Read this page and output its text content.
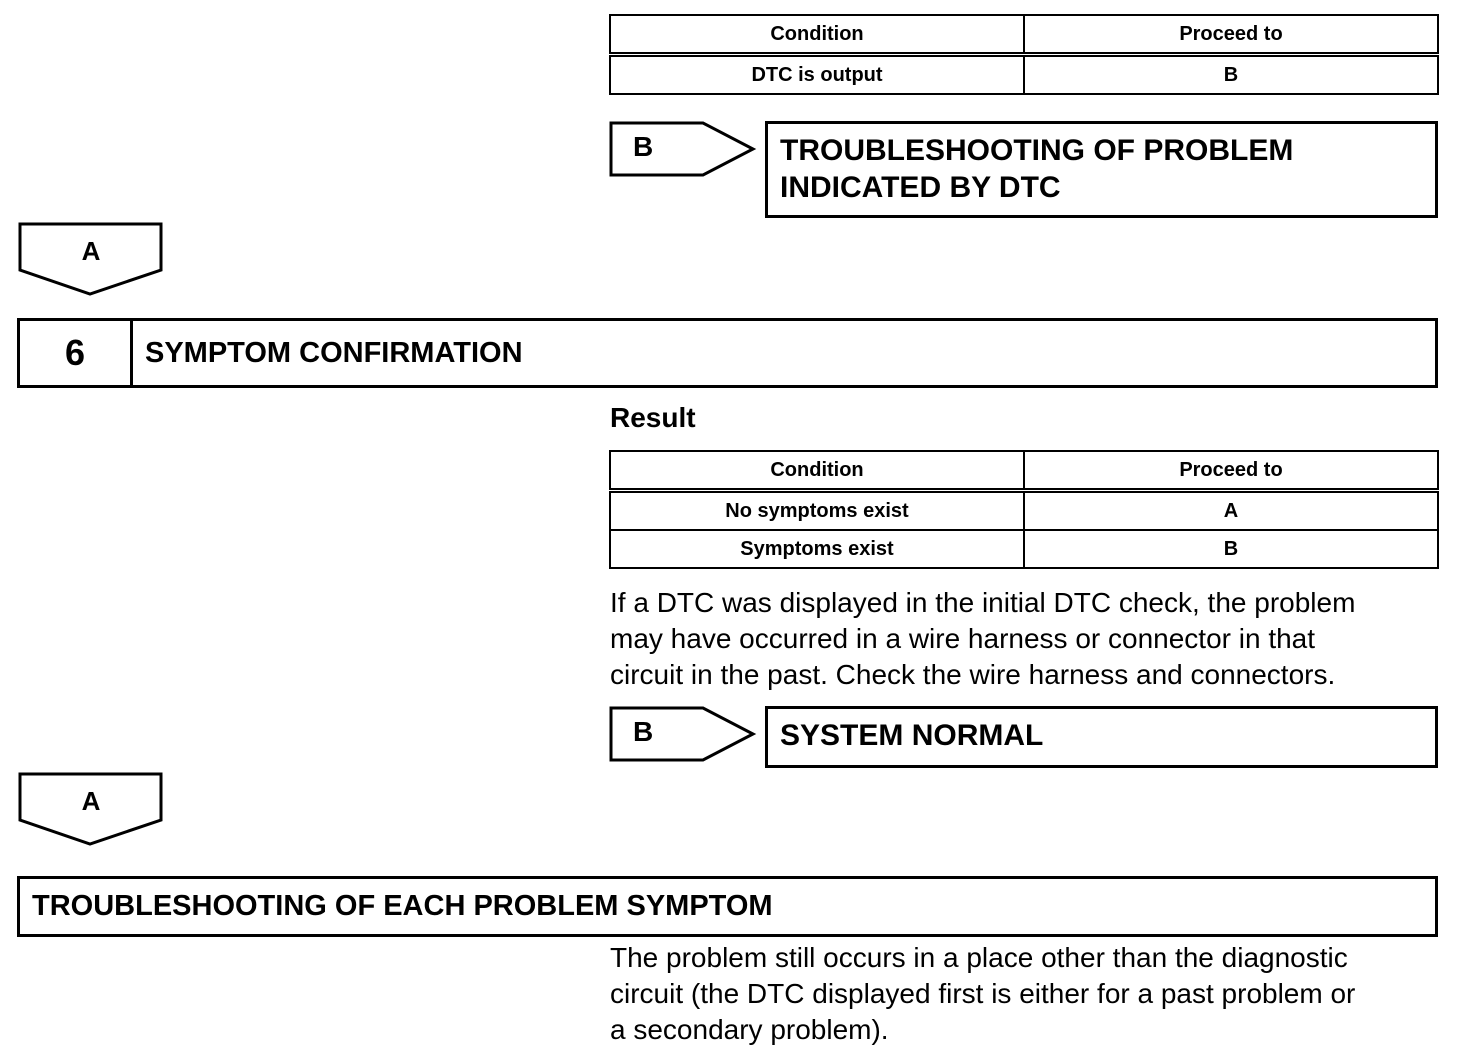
Condition	Proceed to
DTC is output	B
B	TROUBLESHOOTING OF PROBLEM
INDICATED BY DTC
A
6	SYMPTOM CONFIRMATION
Result
Condition	Proceed to
No symptoms exist	A
Symptoms exist	B
If a DTC was displayed in the initial DTC check, the problem
may have occurred in a wire harness or connector in that
circuit in the past. Check the wire harness and connectors.
B	SYSTEM NORMAL
A
TROUBLESHOOTING OF EACH PROBLEM SYMPTOM
The problem still occurs in a place other than the diagnostic
circuit (the DTC displayed first is either for a past problem or
a secondary problem).
